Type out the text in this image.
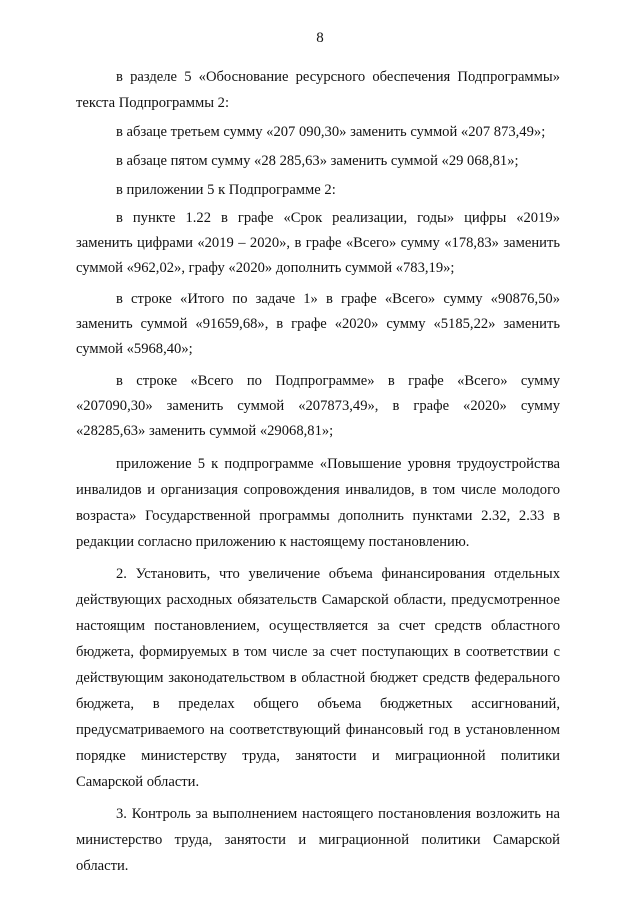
8

в разделе 5 «Обоснование ресурсного обеспечения Подпрограммы» текста Подпрограммы 2:

в абзаце третьем сумму «207 090,30» заменить суммой «207 873,49»;

в абзаце пятом сумму «28 285,63» заменить суммой «29 068,81»;

в приложении 5 к Подпрограмме 2:

в пункте 1.22 в графе «Срок реализации, годы» цифры «2019» заменить цифрами «2019 – 2020», в графе «Всего» сумму «178,83» заменить суммой «962,02», графу «2020» дополнить суммой «783,19»;

в строке «Итого по задаче 1» в графе «Всего» сумму «90876,50» заменить суммой «91659,68», в графе «2020» сумму «5185,22» заменить суммой «5968,40»;

в строке «Всего по Подпрограмме» в графе «Всего» сумму «207090,30» заменить суммой «207873,49», в графе «2020» сумму «28285,63» заменить суммой «29068,81»;

приложение 5 к подпрограмме «Повышение уровня трудоустройства инвалидов и организация сопровождения инвалидов, в том числе молодого возраста» Государственной программы дополнить пунктами 2.32, 2.33 в редакции согласно приложению к настоящему постановлению.

2. Установить, что увеличение объема финансирования отдельных действующих расходных обязательств Самарской области, предусмотренное настоящим постановлением, осуществляется за счет средств областного бюджета, формируемых в том числе за счет поступающих в соответствии с действующим законодательством в областной бюджет средств федерального бюджета, в пределах общего объема бюджетных ассигнований, предусматриваемого на соответствующий финансовый год в установленном порядке министерству труда, занятости и миграционной политики Самарской области.

3. Контроль за выполнением настоящего постановления возложить на министерство труда, занятости и миграционной политики Самарской области.
